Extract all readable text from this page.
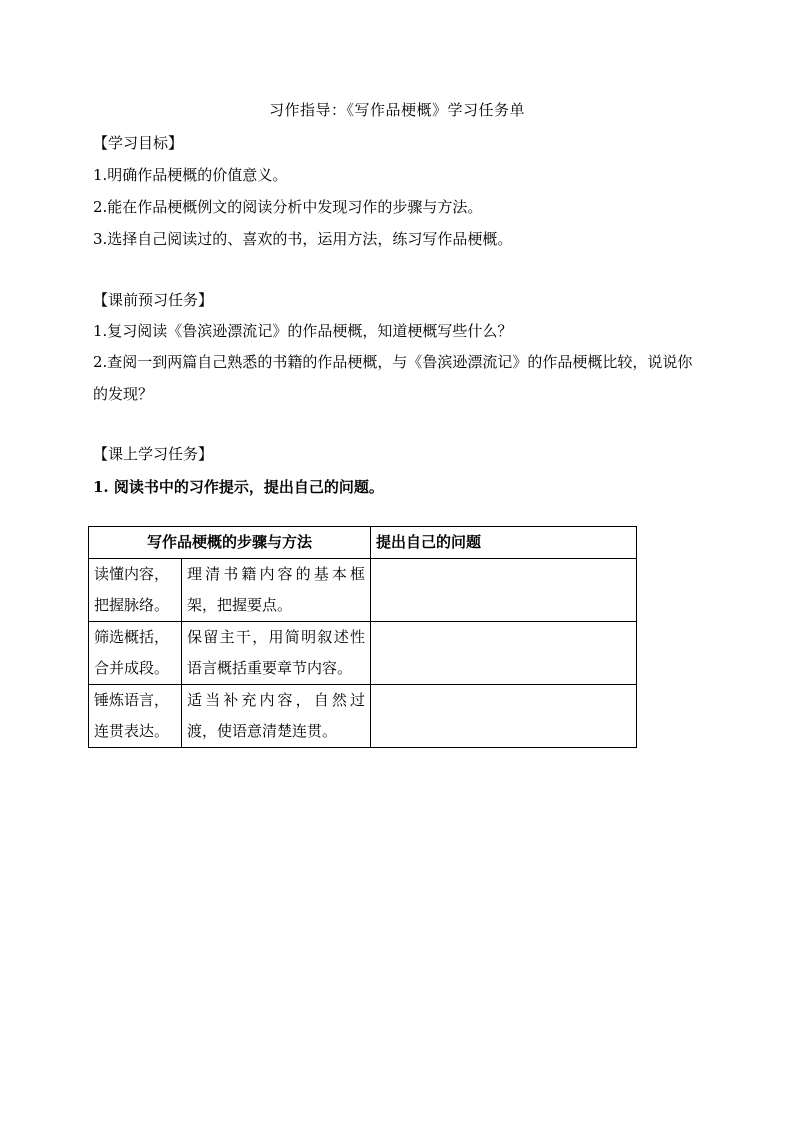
习作指导：《写作品梗概》学习任务单
【学习目标】
1.明确作品梗概的价值意义。
2.能在作品梗概例文的阅读分析中发现习作的步骤与方法。
3.选择自己阅读过的、喜欢的书，运用方法，练习写作品梗概。
【课前预习任务】
1.复习阅读《鲁滨逊漂流记》的作品梗概，知道梗概写些什么？
2.查阅一到两篇自己熟悉的书籍的作品梗概，与《鲁滨逊漂流记》的作品梗概比较，说说你的发现？
【课上学习任务】
1. 阅读书中的习作提示，提出自己的问题。
写作品梗概的步骤与方法		提出自己的问题
读懂内容，把握脉络。	理清书籍内容的基本框架，把握要点。	
筛选概括，合并成段。	保留主干，用简明叙述性语言概括重要章节内容。	
锤炼语言，连贯表达。	适当补充内容，自然过渡，使语意清楚连贯。	
